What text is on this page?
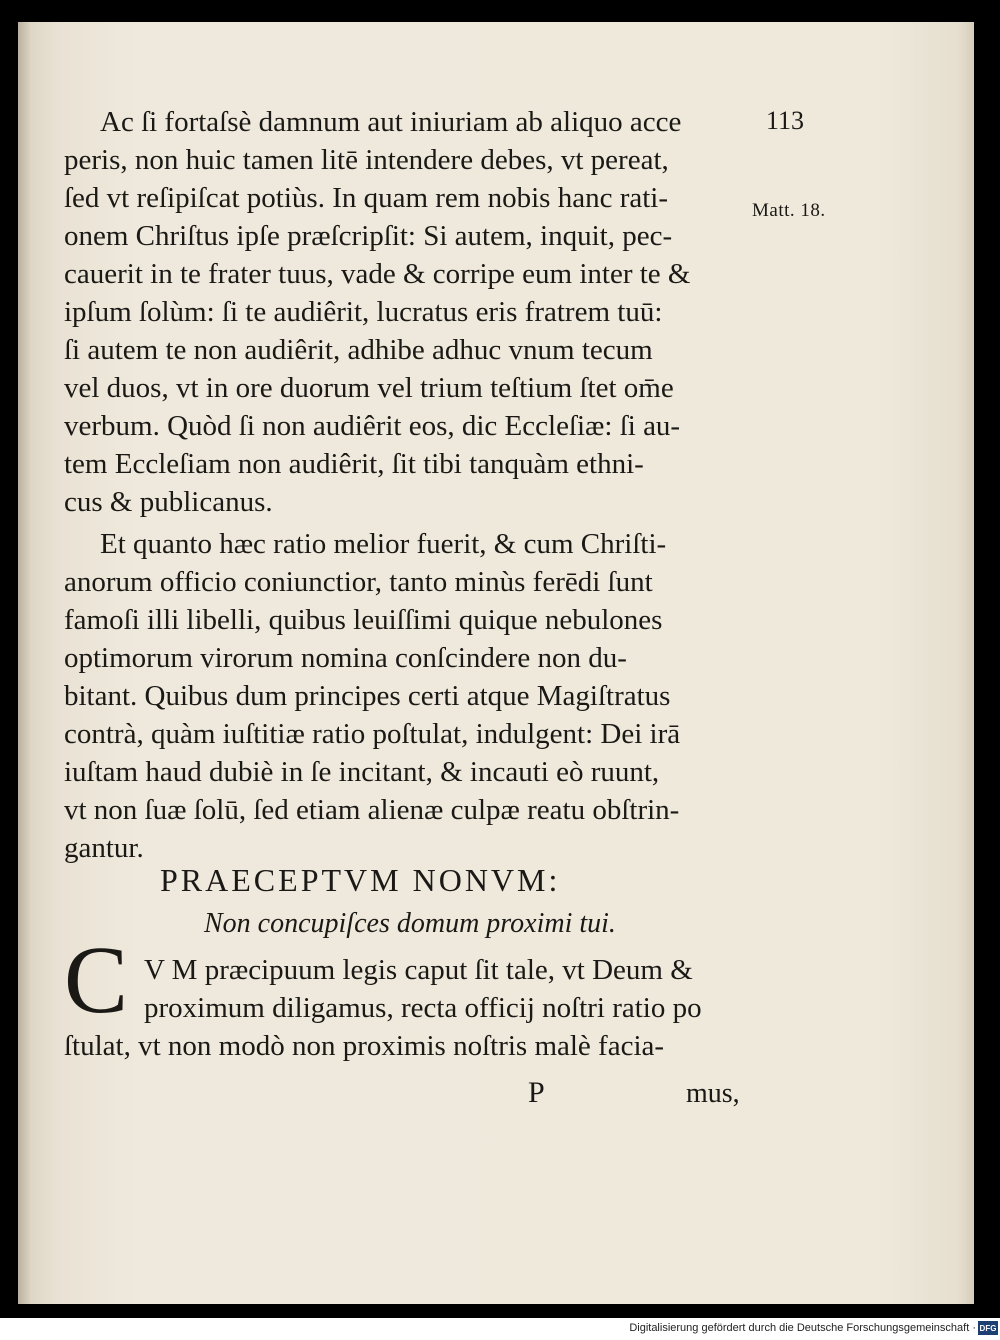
113
Matt. 18.
Ac ſi fortaſsè damnum aut iniuriam ab aliquo acce
peris, non huic tamen litē intendere debes, vt pereat,
ſed vt reſipiſcat potiùs. In quam rem nobis hanc rati-
onem Chriſtus ipſe præſcripſit: Si autem, inquit, pec-
cauerit in te frater tuus, vade & corripe eum inter te &
ipſum ſolùm: ſi te audiêrit, lucratus eris fratrem tuū:
ſi autem te non audiêrit, adhibe adhuc vnum tecum
vel duos, vt in ore duorum vel trium teſtium ſtet om̄e
verbum. Quòd ſi non audiêrit eos, dic Eccleſiæ: ſi au-
tem Eccleſiam non audiêrit, ſit tibi tanquàm ethni-
cus & publicanus.
Et quanto hæc ratio melior fuerit, & cum Chriſti-
anorum officio coniunctior, tanto minùs ferēdi ſunt
famoſi illi libelli, quibus leuiſſimi quique nebulones
optimorum virorum nomina conſcindere non du-
bitant. Quibus dum principes certi atque Magiſtratus
contrà, quàm iuſtitiæ ratio poſtulat, indulgent: Dei irā
iuſtam haud dubiè in ſe incitant, & incauti eò ruunt,
vt non ſuæ ſolū, ſed etiam alienæ culpæ reatu obſtrin-
gantur.
PRAECEPTVM NONVM:
Non concupiſces domum proximi tui.
C V M præcipuum legis caput ſit tale, vt Deum &
proximum diligamus, recta officij noſtri ratio po
ſtulat, vt non modò non proximis noſtris malè facia-
P	mus,
Digitalisierung gefördert durch die Deutsche Forschungsgemeinschaft · DFG
